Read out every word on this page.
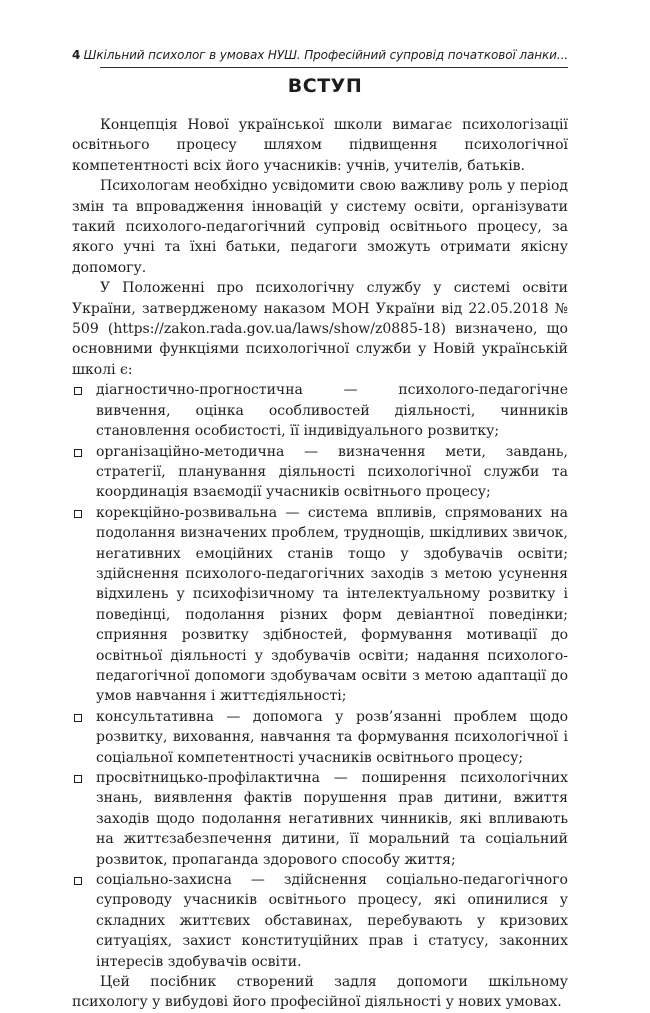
4 Шкільний психолог в умовах НУШ. Професійний супровід початкової ланки...
ВСТУП

Концепція Нової української школи вимагає психологізації освітнього процесу шляхом підвищення психологічної компетентності всіх його учасників: учнів, учителів, батьків.

Психологам необхідно усвідомити свою важливу роль у період змін та впровадження інновацій у систему освіти, організувати такий психолого-педагогічний супровід освітнього процесу, за якого учні та їхні батьки, педагоги зможуть отримати якісну допомогу.

У Положенні про психологічну службу у системі освіти України, затвердженому наказом МОН України від 22.05.2018 № 509 (https://zakon.rada.gov.ua/laws/show/z0885-18) визначено, що основними функціями психологічної служби у Новій українській школі є:

діагностично-прогностична — психолого-педагогічне вивчення, оцінка особливостей діяльності, чинників становлення особистості, її індивідуального розвитку;
організаційно-методична — визначення мети, завдань, стратегії, планування діяльності психологічної служби та координація взаємодії учасників освітнього процесу;
корекційно-розвивальна — система впливів, спрямованих на подолання визначених проблем, труднощів, шкідливих звичок, негативних емоційних станів тощо у здобувачів освіти; здійснення психолого-педагогічних заходів з метою усунення відхилень у психофізичному та інтелектуальному розвитку і поведінці, подолання різних форм девіантної поведінки; сприяння розвитку здібностей, формування мотивації до освітньої діяльності у здобувачів освіти; надання психолого-педагогічної допомоги здобувачам освіти з метою адаптації до умов навчання і життєдіяльності;
консультативна — допомога у розв’язанні проблем щодо розвитку, виховання, навчання та формування психологічної і соціальної компетентності учасників освітнього процесу;
просвітницько-профілактична — поширення психологічних знань, виявлення фактів порушення прав дитини, вжиття заходів щодо подолання негативних чинників, які впливають на життєзабезпечення дитини, її моральний та соціальний розвиток, пропаганда здорового способу життя;
соціально-захисна — здійснення соціально-педагогічного супроводу учасників освітнього процесу, які опинилися у складних життєвих обставинах, перебувають у кризових ситуаціях, захист конституційних прав і статусу, законних інтересів здобувачів освіти.

Цей посібник створений задля допомоги шкільному психологу у вибудові його професійної діяльності у нових умовах.
